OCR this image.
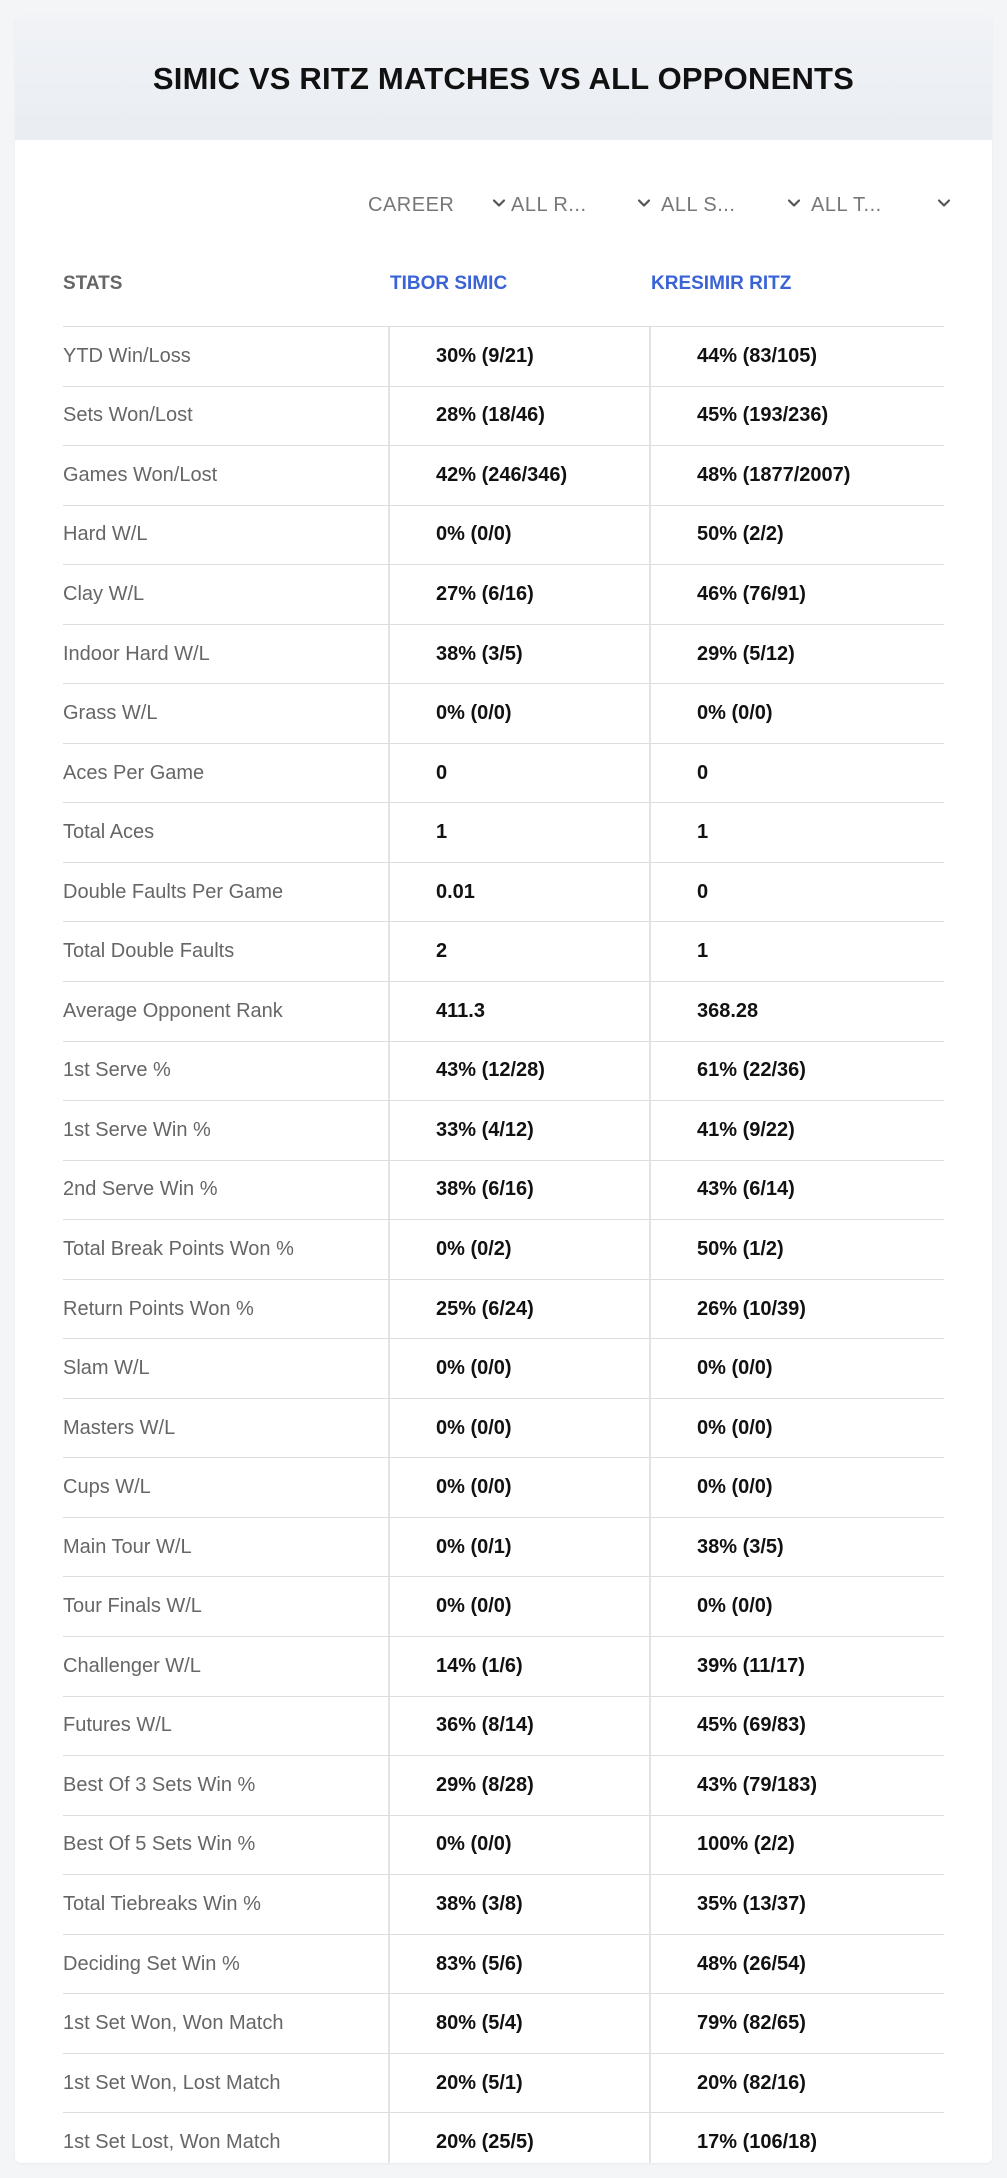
SIMIC VS RITZ MATCHES VS ALL OPPONENTS
CAREER	ALL R...	ALL S...	ALL T...
STATS	TIBOR SIMIC	KRESIMIR RITZ
YTD Win/Loss	30% (9/21)	44% (83/105)
Sets Won/Lost	28% (18/46)	45% (193/236)
Games Won/Lost	42% (246/346)	48% (1877/2007)
Hard W/L	0% (0/0)	50% (2/2)
Clay W/L	27% (6/16)	46% (76/91)
Indoor Hard W/L	38% (3/5)	29% (5/12)
Grass W/L	0% (0/0)	0% (0/0)
Aces Per Game	0	0
Total Aces	1	1
Double Faults Per Game	0.01	0
Total Double Faults	2	1
Average Opponent Rank	411.3	368.28
1st Serve %	43% (12/28)	61% (22/36)
1st Serve Win %	33% (4/12)	41% (9/22)
2nd Serve Win %	38% (6/16)	43% (6/14)
Total Break Points Won %	0% (0/2)	50% (1/2)
Return Points Won %	25% (6/24)	26% (10/39)
Slam W/L	0% (0/0)	0% (0/0)
Masters W/L	0% (0/0)	0% (0/0)
Cups W/L	0% (0/0)	0% (0/0)
Main Tour W/L	0% (0/1)	38% (3/5)
Tour Finals W/L	0% (0/0)	0% (0/0)
Challenger W/L	14% (1/6)	39% (11/17)
Futures W/L	36% (8/14)	45% (69/83)
Best Of 3 Sets Win %	29% (8/28)	43% (79/183)
Best Of 5 Sets Win %	0% (0/0)	100% (2/2)
Total Tiebreaks Win %	38% (3/8)	35% (13/37)
Deciding Set Win %	83% (5/6)	48% (26/54)
1st Set Won, Won Match	80% (5/4)	79% (82/65)
1st Set Won, Lost Match	20% (5/1)	20% (82/16)
1st Set Lost, Won Match	20% (25/5)	17% (106/18)
